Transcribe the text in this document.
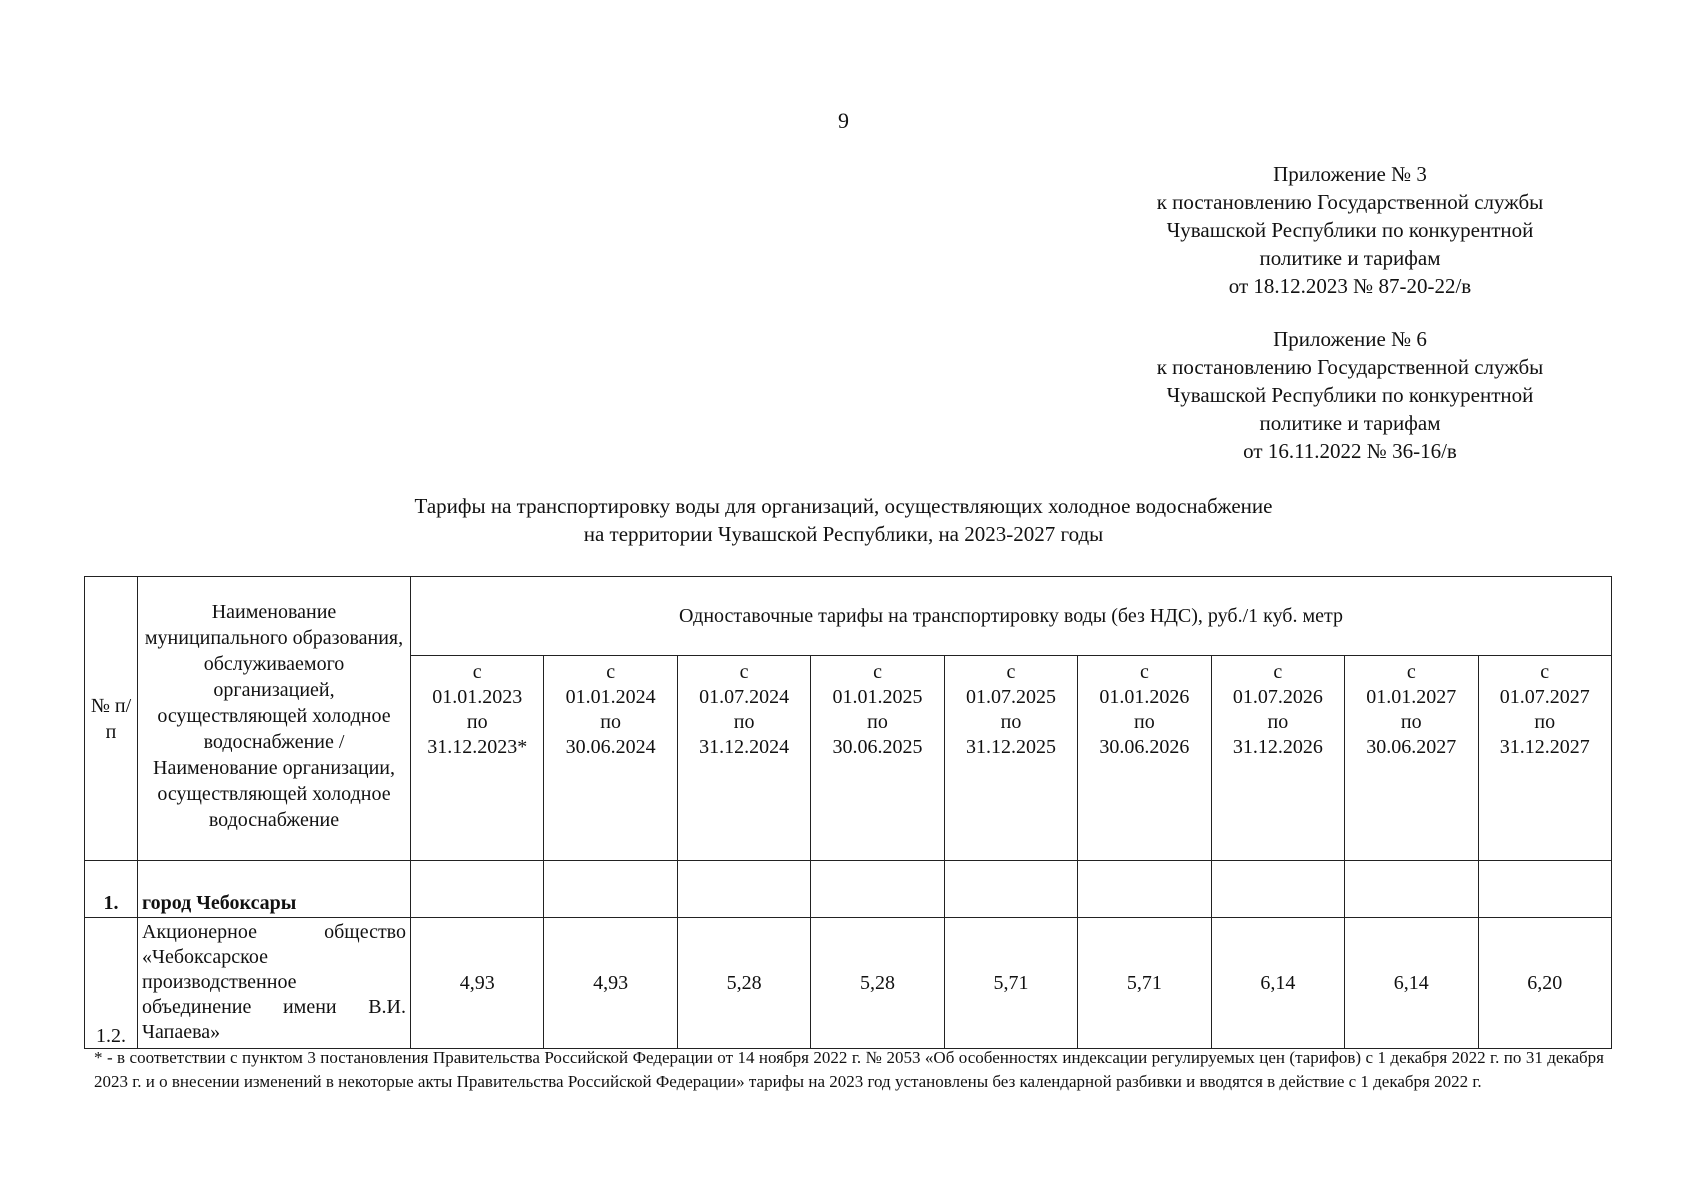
9
Приложение № 3
к постановлению Государственной службы
Чувашской Республики по конкурентной
политике и тарифам
от 18.12.2023 № 87-20-22/в
Приложение № 6
к постановлению Государственной службы
Чувашской Республики по конкурентной
политике и тарифам
от 16.11.2022 № 36-16/в
Тарифы на транспортировку воды для организаций, осуществляющих холодное водоснабжение
на территории Чувашской Республики, на 2023-2027 годы
№ п/п	Наименование муниципального образования, обслуживаемого организацией, осуществляющей холодное водоснабжение / Наименование организации, осуществляющей холодное водоснабжение	Одноставочные тарифы на транспортировку воды (без НДС), руб./1 куб. метр								

		с
01.01.2023
по
31.12.2023*	с
01.01.2024
по
30.06.2024	с
01.07.2024
по
31.12.2024	с
01.01.2025
по
30.06.2025	с
01.07.2025
по
31.12.2025	с
01.01.2026
по
30.06.2026	с
01.07.2026
по
31.12.2026	с
01.01.2027
по
30.06.2027	с
01.07.2027
по
31.12.2027

1.	город Чебоксары									
1.2.	Акционерное общество «Чебоксарское производственное объединение имени В.И. Чапаева»	4,93	4,93	5,28	5,28	5,71	5,71	6,14	6,14	6,20
* - в соответствии с пунктом 3 постановления Правительства Российской Федерации от 14 ноября 2022 г. № 2053 «Об особенностях индексации регулируемых цен (тарифов) с 1 декабря 2022 г. по 31 декабря 2023 г. и о внесении изменений в некоторые акты Правительства Российской Федерации» тарифы на 2023 год установлены без календарной разбивки и вводятся в действие с 1 декабря 2022 г.
